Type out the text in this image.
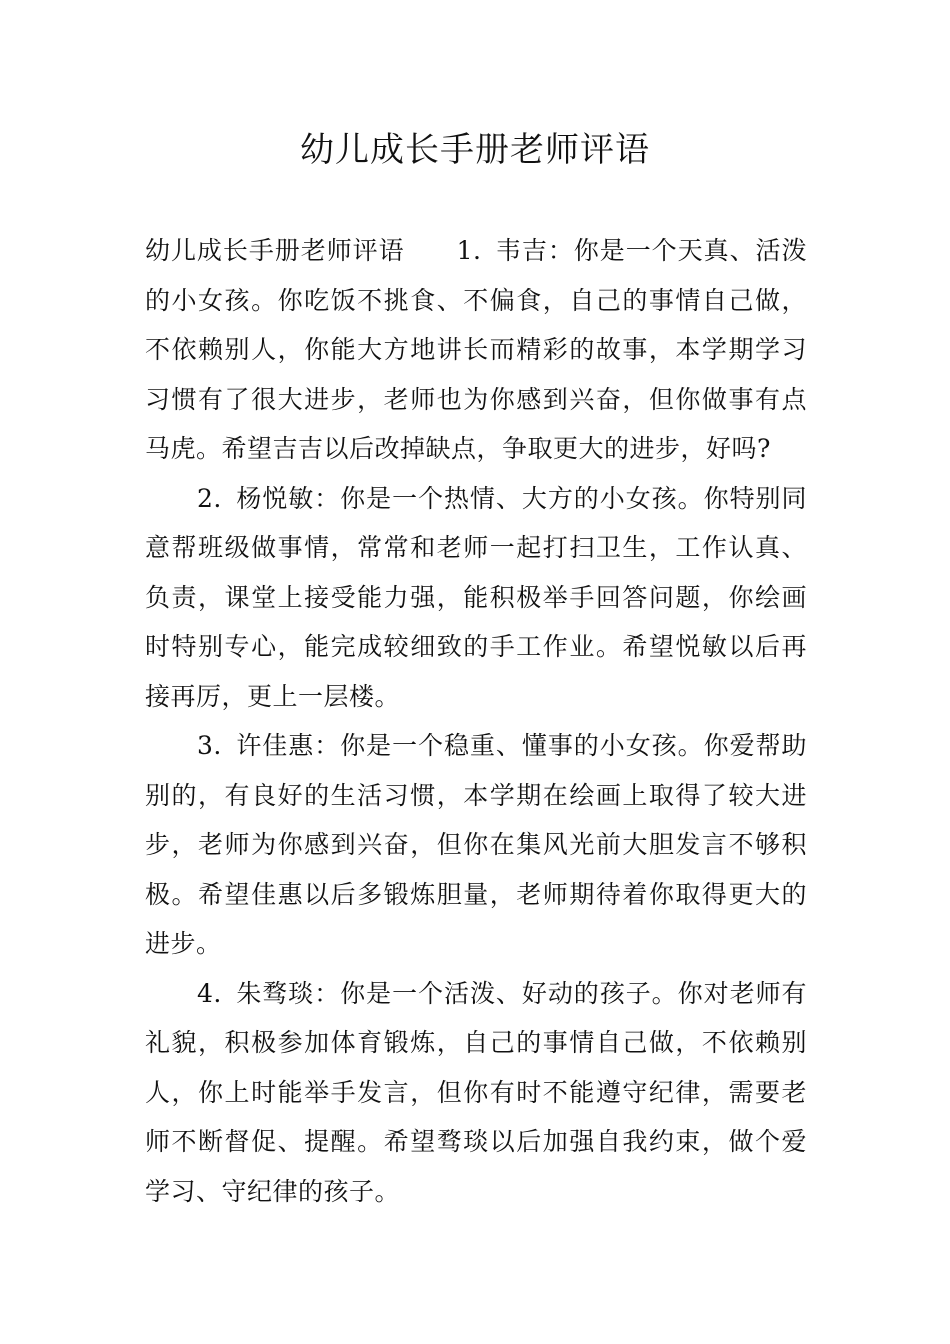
幼儿成长手册老师评语

幼儿成长手册老师评语 1. 韦吉：你是一个天真、活泼的小女孩。你吃饭不挑食、不偏食，自己的事情自己做，不依赖别人，你能大方地讲长而精彩的故事，本学期学习习惯有了很大进步，老师也为你感到兴奋，但你做事有点马虎。希望吉吉以后改掉缺点，争取更大的进步，好吗?

2. 杨悦敏：你是一个热情、大方的小女孩。你特别同意帮班级做事情，常常和老师一起打扫卫生，工作认真、负责，课堂上接受能力强，能积极举手回答问题，你绘画时特别专心，能完成较细致的手工作业。希望悦敏以后再接再厉，更上一层楼。

3. 许佳惠：你是一个稳重、懂事的小女孩。你爱帮助别的，有良好的生活习惯，本学期在绘画上取得了较大进步，老师为你感到兴奋，但你在集风光前大胆发言不够积极。希望佳惠以后多锻炼胆量，老师期待着你取得更大的进步。

4. 朱骛琰：你是一个活泼、好动的孩子。你对老师有礼貌，积极参加体育锻炼，自己的事情自己做，不依赖别人，你上时能举手发言，但你有时不能遵守纪律，需要老师不断督促、提醒。希望骛琰以后加强自我约束，做个爱学习、守纪律的孩子。
